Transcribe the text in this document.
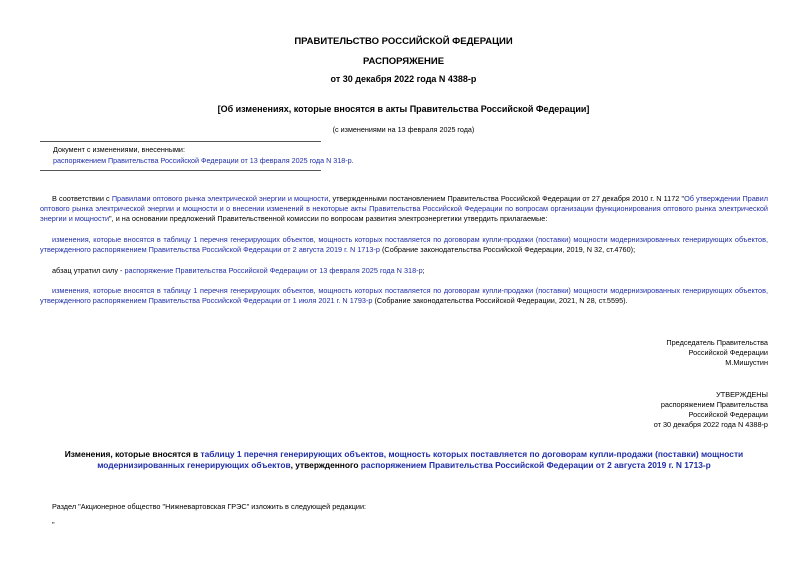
ПРАВИТЕЛЬСТВО РОССИЙСКОЙ ФЕДЕРАЦИИ
РАСПОРЯЖЕНИЕ
от 30 декабря 2022 года N 4388-р
[Об изменениях, которые вносятся в акты Правительства Российской Федерации]
(с изменениями на 13 февраля 2025 года)
Документ с изменениями, внесенными:
распоряжением Правительства Российской Федерации от 13 февраля 2025 года N 318-р.
В соответствии с Правилами оптового рынка электрической энергии и мощности, утвержденными постановлением Правительства Российской Федерации от 27 декабря 2010 г. N 1172 "Об утверждении Правил оптового рынка электрической энергии и мощности и о внесении изменений в некоторые акты Правительства Российской Федерации по вопросам организации функционирования оптового рынка электрической энергии и мощности", и на основании предложений Правительственной комиссии по вопросам развития электроэнергетики утвердить прилагаемые:
изменения, которые вносятся в таблицу 1 перечня генерирующих объектов, мощность которых поставляется по договорам купли-продажи (поставки) мощности модернизированных генерирующих объектов, утвержденного распоряжением Правительства Российской Федерации от 2 августа 2019 г. N 1713-р (Собрание законодательства Российской Федерации, 2019, N 32, ст.4760);
абзац утратил силу - распоряжение Правительства Российской Федерации от 13 февраля 2025 года N 318-р;
изменения, которые вносятся в таблицу 1 перечня генерирующих объектов, мощность которых поставляется по договорам купли-продажи (поставки) мощности модернизированных генерирующих объектов, утвержденного распоряжением Правительства Российской Федерации от 1 июля 2021 г. N 1793-р (Собрание законодательства Российской Федерации, 2021, N 28, ст.5595).
Председатель Правительства
Российской Федерации
М.Мишустин
УТВЕРЖДЕНЫ
распоряжением Правительства
Российской Федерации
от 30 декабря 2022 года N 4388-р
Изменения, которые вносятся в таблицу 1 перечня генерирующих объектов, мощность которых поставляется по договорам купли-продажи (поставки) мощности модернизированных генерирующих объектов, утвержденного распоряжением Правительства Российской Федерации от 2 августа 2019 г. N 1713-р
Раздел "Акционерное общество "Нижневартовская ГРЭС" изложить в следующей редакции:
"
